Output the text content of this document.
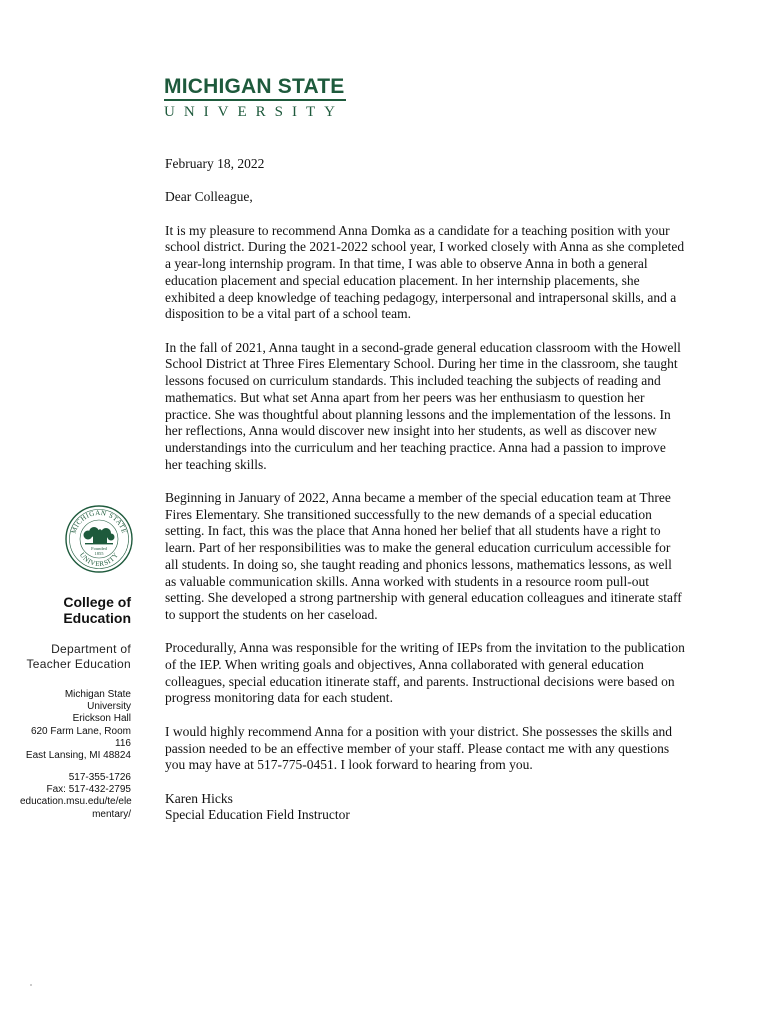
MICHIGAN STATE
UNIVERSITY
MICHIGAN STATE
UNIVERSITY
Founded
1855
College of
Education
Department of
Teacher Education
Michigan State
University
Erickson Hall
620 Farm Lane, Room
116
East Lansing, MI 48824
517-355-1726
Fax: 517-432-2795
education.msu.edu/te/ele
mentary/

February 18, 2022

Dear Colleague,

It is my pleasure to recommend Anna Domka as a candidate for a teaching position with your school district. During the 2021-2022 school year, I worked closely with Anna as she completed a year-long internship program. In that time, I was able to observe Anna in both a general education placement and special education placement. In her internship placements, she exhibited a deep knowledge of teaching pedagogy, interpersonal and intrapersonal skills, and a disposition to be a vital part of a school team.

In the fall of 2021, Anna taught in a second-grade general education classroom with the Howell School District at Three Fires Elementary School. During her time in the classroom, she taught lessons focused on curriculum standards. This included teaching the subjects of reading and mathematics. But what set Anna apart from her peers was her enthusiasm to question her practice. She was thoughtful about planning lessons and the implementation of the lessons. In her reflections, Anna would discover new insight into her students, as well as discover new understandings into the curriculum and her teaching practice. Anna had a passion to improve her teaching skills.

Beginning in January of 2022, Anna became a member of the special education team at Three Fires Elementary. She transitioned successfully to the new demands of a special education setting. In fact, this was the place that Anna honed her belief that all students have a right to learn. Part of her responsibilities was to make the general education curriculum accessible for all students. In doing so, she taught reading and phonics lessons, mathematics lessons, as well as valuable communication skills. Anna worked with students in a resource room pull-out setting. She developed a strong partnership with general education colleagues and itinerate staff to support the students on her caseload.

Procedurally, Anna was responsible for the writing of IEPs from the invitation to the publication of the IEP. When writing goals and objectives, Anna collaborated with general education colleagues, special education itinerate staff, and parents. Instructional decisions were based on progress monitoring data for each student.

I would highly recommend Anna for a position with your district. She possesses the skills and passion needed to be an effective member of your staff. Please contact me with any questions you may have at 517-775-0451. I look forward to hearing from you.

Karen Hicks

Special Education Field Instructor
